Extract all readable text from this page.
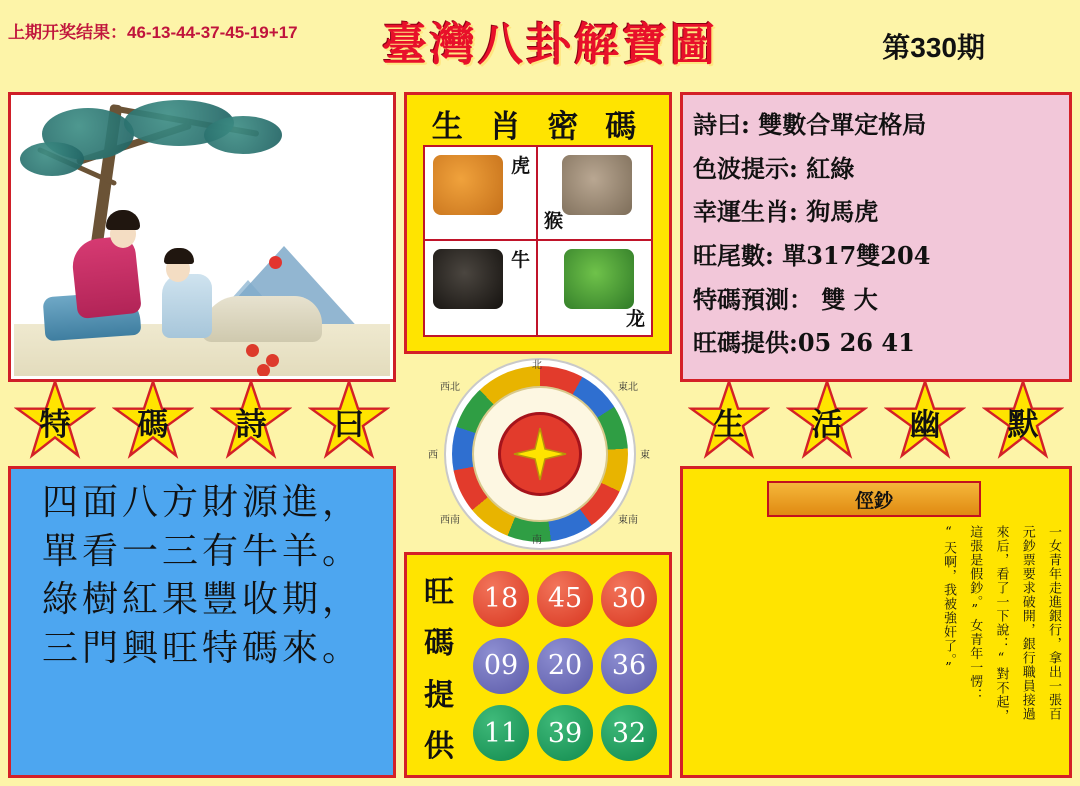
上期开奖结果：46-13-44-37-45-19+17	臺灣八卦解寶圖	第330期
特	碼	詩	曰
四面八方財源進，
單看一三有牛羊。
綠樹紅果豐收期，
三門興旺特碼來。
生 肖 密 碼
虎
猴
牛
龙
北
南
東
西
西北	東北
西南	東南
旺
碼
提
供
18	45	30
09	20	36
11	39	32
詩曰: 雙數合單定格局
色波提示: 紅綠
幸運生肖: 狗馬虎
旺尾數: 單317雙204
特碼預測： 雙 大
旺碼提供:05 26 41
生	活	幽	默
俓鈔
一女青年走進銀行，拿出一張百
元鈔票要求破開，銀行職員接過
來后，看了一下說：“對不起，
這張是假鈔。”女青年一愣：
“天啊，我被強奸了。”
